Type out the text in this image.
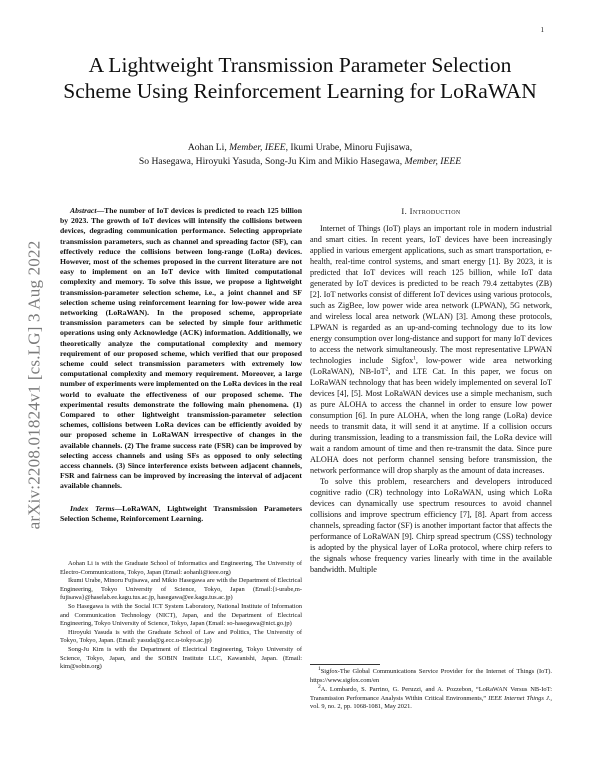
1
arXiv:2208.01824v1 [cs.LG] 3 Aug 2022
A Lightweight Transmission Parameter Selection Scheme Using Reinforcement Learning for LoRaWAN
Aohan Li, Member, IEEE, Ikumi Urabe, Minoru Fujisawa,
So Hasegawa, Hiroyuki Yasuda, Song-Ju Kim and Mikio Hasegawa, Member, IEEE

Abstract—The number of IoT devices is predicted to reach 125 billion by 2023. The growth of IoT devices will intensify the collisions between devices, degrading communication performance. Selecting appropriate transmission parameters, such as channel and spreading factor (SF), can effectively reduce the collisions between long-range (LoRa) devices. However, most of the schemes proposed in the current literature are not easy to implement on an IoT device with limited computational complexity and memory. To solve this issue, we propose a lightweight transmission-parameter selection scheme, i.e., a joint channel and SF selection scheme using reinforcement learning for low-power wide area networking (LoRaWAN). In the proposed scheme, appropriate transmission parameters can be selected by simple four arithmetic operations using only Acknowledge (ACK) information. Additionally, we theoretically analyze the computational complexity and memory requirement of our proposed scheme, which verified that our proposed scheme could select transmission parameters with extremely low computational complexity and memory requirement. Moreover, a large number of experiments were implemented on the LoRa devices in the real world to evaluate the effectiveness of our proposed scheme. The experimental results demonstrate the following main phenomena. (1) Compared to other lightweight transmission-parameter selection schemes, collisions between LoRa devices can be efficiently avoided by our proposed scheme in LoRaWAN irrespective of changes in the available channels. (2) The frame success rate (FSR) can be improved by selecting access channels and using SFs as opposed to only selecting access channels. (3) Since interference exists between adjacent channels, FSR and fairness can be improved by increasing the interval of adjacent available channels.

Index Terms—LoRaWAN, Lightweight Transmission Parameters Selection Scheme, Reinforcement Learning.

Aohan Li is with the Graduate School of Informatics and Engineering, The University of Electro-Communications, Tokyo, Japan (Email: aohanli@ieee.org)

Ikumi Urabe, Minoru Fujisawa, and Mikio Hasegawa are with the Department of Electrical Engineering, Tokyo University of Science, Tokyo, Japan (Email:{i-urabe,m-fujisawa}@haselab.ee.kagu.tus.ac.jp, hasegawa@ee.kagu.tus.ac.jp)

So Hasegawa is with the Social ICT System Laboratory, National Institute of Information and Communication Technology (NICT), Japan, and the Department of Electrical Engineering, Tokyo University of Science, Tokyo, Japan (Email: so-hasegawa@nict.go.jp)

Hiroyuki Yasuda is with the Graduate School of Law and Politics, The University of Tokyo, Tokyo, Japan. (Email: yasuda@g.ecc.u-tokyo.ac.jp)

Song-Ju Kim is with the Department of Electrical Engineering, Tokyo University of Science, Tokyo, Japan, and the SOBIN Institute LLC, Kawanishi, Japan. (Email: kim@sobin.org)

I. Introduction

Internet of Things (IoT) plays an important role in modern industrial and smart cities. In recent years, IoT devices have been increasingly applied in various emergent applications, such as smart transportation, e-health, real-time control systems, and smart energy [1]. By 2023, it is predicted that IoT devices will reach 125 billion, while IoT data generated by IoT devices is predicted to be reach 79.4 zettabytes (ZB) [2]. IoT networks consist of different IoT devices using various protocols, such as ZigBee, low power wide area network (LPWAN), 5G network, and wireless local area network (WLAN) [3]. Among these protocols, LPWAN is regarded as an up-and-coming technology due to its low energy consumption over long-distance and support for many IoT devices to access the network simultaneously. The most representative LPWAN technologies include Sigfox$^1$, low-power wide area networking (LoRaWAN), NB-IoT$^2$, and LTE Cat. In this paper, we focus on LoRaWAN technology that has been widely implemented on several IoT devices [4], [5]. Most LoRaWAN devices use a simple mechanism, such as pure ALOHA to access the channel in order to ensure low power consumption [6]. In pure ALOHA, when the long range (LoRa) device needs to transmit data, it will send it at anytime. If a collision occurs during transmission, leading to a transmission fail, the LoRa device will wait a random amount of time and then re-transmit the data. Since pure ALOHA does not perform channel sensing before transmission, the network performance will drop sharply as the amount of data increases.

To solve this problem, researchers and developers introduced cognitive radio (CR) technology into LoRaWAN, using which LoRa devices can dynamically use spectrum resources to avoid channel collisions and improve spectrum efficiency [7], [8]. Apart from access channels, spreading factor (SF) is another important factor that affects the performance of LoRaWAN [9]. Chirp spread spectrum (CSS) technology is adopted by the physical layer of LoRa protocol, where chirp refers to the signals whose frequency varies linearly with time in the available bandwidth. Multiple

$^1$Sigfox-The Global Communications Service Provider for the Internet of Things (IoT). https://www.sigfox.com/en

$^2$A. Lombardo, S. Parrino, G. Peruzzi, and A. Pozzebon, “LoRaWAN Versus NB-IoT: Transmission Performance Analysis Within Critical Environments,” IEEE Internet Things J., vol. 9, no. 2, pp. 1068-1081, May 2021.
